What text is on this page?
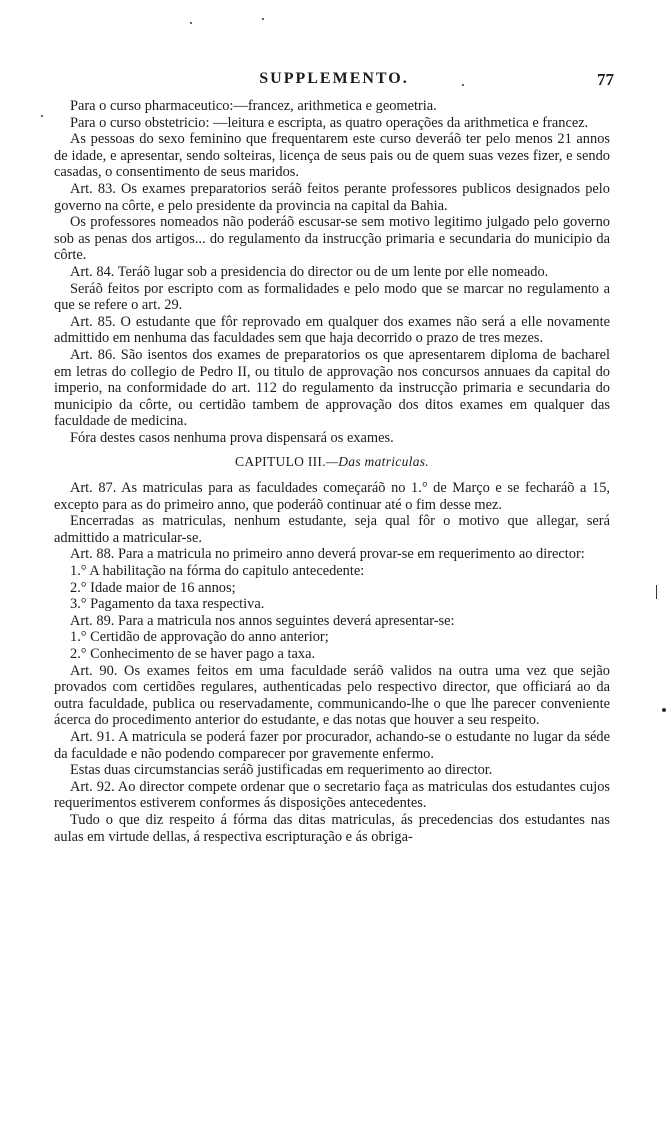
SUPPLEMENTO.	77

Para o curso pharmaceutico:—francez, arithmetica e geometria.

Para o curso obstetricio: —leitura e escripta, as quatro operações da arithmetica e francez.

As pessoas do sexo feminino que frequentarem este curso deveráõ ter pelo menos 21 annos de idade, e apresentar, sendo solteiras, licença de seus pais ou de quem suas vezes fizer, e sendo casadas, o consentimento de seus maridos.

Art. 83. Os exames preparatorios seráõ feitos perante professores publicos designados pelo governo na côrte, e pelo presidente da provincia na capital da Bahia.

Os professores nomeados não poderáõ escusar-se sem motivo legitimo julgado pelo governo sob as penas dos artigos... do regulamento da instrucção primaria e secundaria do municipio da côrte.

Art. 84. Teráõ lugar sob a presidencia do director ou de um lente por elle nomeado.

Seráõ feitos por escripto com as formalidades e pelo modo que se marcar no regulamento a que se refere o art. 29.

Art. 85. O estudante que fôr reprovado em qualquer dos exames não será a elle novamente admittido em nenhuma das faculdades sem que haja decorrido o prazo de tres mezes.

Art. 86. São isentos dos exames de preparatorios os que apresentarem diploma de bacharel em letras do collegio de Pedro II, ou titulo de approvação nos concursos annuaes da capital do imperio, na conformidade do art. 112 do regulamento da instrucção primaria e secundaria do municipio da côrte, ou certidão tambem de approvação dos ditos exames em qualquer das faculdade de medicina.

Fóra destes casos nenhuma prova dispensará os exames.

CAPITULO III.—Das matriculas.

Art. 87. As matriculas para as faculdades começaráõ no 1.° de Março e se fecharáõ a 15, excepto para as do primeiro anno, que poderáõ continuar até o fim desse mez.

Encerradas as matriculas, nenhum estudante, seja qual fôr o motivo que allegar, será admittido a matricular-se.

Art. 88. Para a matricula no primeiro anno deverá provar-se em requerimento ao director:

1.° A habilitação na fórma do capitulo antecedente:

2.° Idade maior de 16 annos;

3.° Pagamento da taxa respectiva.

Art. 89. Para a matricula nos annos seguintes deverá apresentar-se:

1.° Certidão de approvação do anno anterior;

2.° Conhecimento de se haver pago a taxa.

Art. 90. Os exames feitos em uma faculdade seráõ validos na outra uma vez que sejão provados com certidões regulares, authenticadas pelo respectivo director, que officiará ao da outra faculdade, publica ou reservadamente, communicando-lhe o que lhe parecer conveniente ácerca do procedimento anterior do estudante, e das notas que houver a seu respeito.

Art. 91. A matricula se poderá fazer por procurador, achando-se o estudante no lugar da séde da faculdade e não podendo comparecer por gravemente enfermo.

Estas duas circumstancias seráõ justificadas em requerimento ao director.

Art. 92. Ao director compete ordenar que o secretario faça as matriculas dos estudantes cujos requerimentos estiverem conformes ás disposições antecedentes.

Tudo o que diz respeito á fórma das ditas matriculas, ás precedencias dos estudantes nas aulas em virtude dellas, á respectiva escripturação e ás obriga-
